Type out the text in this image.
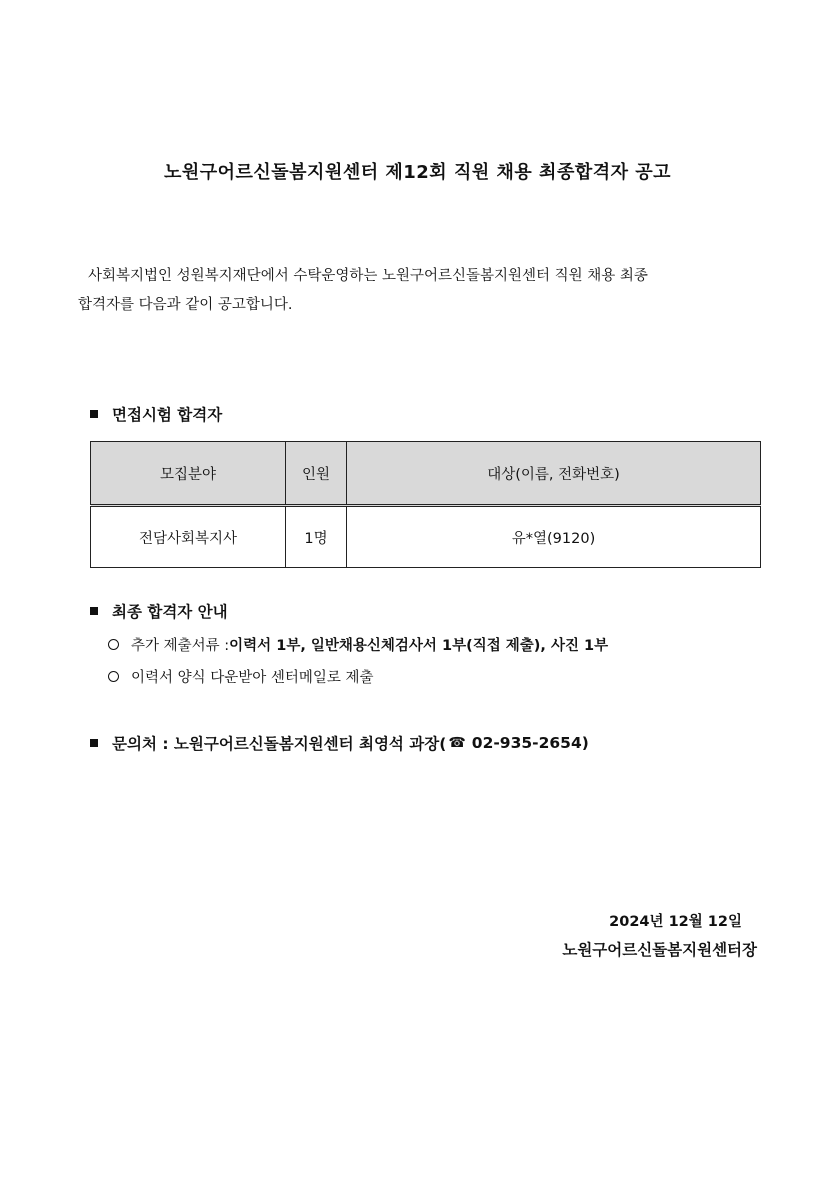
노원구어르신돌봄지원센터 제12회 직원 채용 최종합격자 공고
사회복지법인 성원복지재단에서 수탁운영하는 노원구어르신돌봄지원센터 직원 채용 최종
합격자를 다음과 같이 공고합니다.
면접시험 합격자
모집분야	인원	대상(이름, 전화번호)
전담사회복지사	1명	유*열(9120)
최종 합격자 안내
추가 제출서류 : 이력서 1부, 일반채용신체검사서 1부(직접 제출), 사진 1부
이력서 양식 다운받아 센터메일로 제출
문의처 : 노원구어르신돌봄지원센터 최영석 과장( ☎ 02-935-2654)
2024년 12월 12일
노원구어르신돌봄지원센터장
